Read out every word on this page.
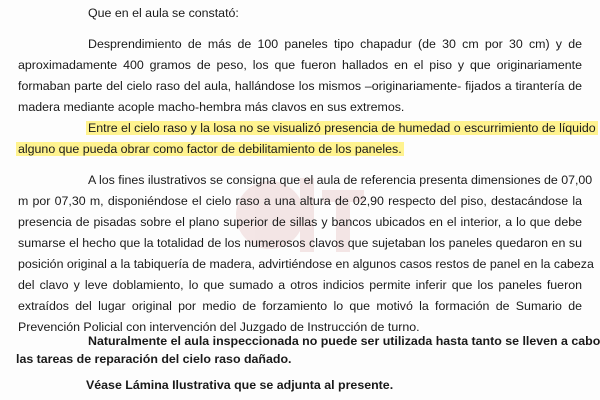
Que en el aula se constató:
Desprendimiento de más de 100 paneles tipo chapadur (de 30 cm por 30 cm) y de
aproximadamente 400 gramos de peso, los que fueron hallados en el piso y que originariamente
formaban parte del cielo raso del aula, hallándose los mismos –originariamente- fijados a tirantería de
madera mediante acople macho-hembra más clavos en sus extremos.
Entre el cielo raso y la losa no se visualizó presencia de humedad o escurrimiento de líquido
alguno que pueda obrar como factor de debilitamiento de los paneles.
A los fines ilustrativos se consigna que el aula de referencia presenta dimensiones de 07,00
m por 07,30 m, disponiéndose el cielo raso a una altura de 02,90 respecto del piso, destacándose la
presencia de pisadas sobre el plano superior de sillas y bancos ubicados en el interior, a lo que debe
sumarse el hecho que la totalidad de los numerosos clavos que sujetaban los paneles quedaron en su
posición original a la tabiquería de madera, advirtiéndose en algunos casos restos de panel en la cabeza
del clavo y leve doblamiento, lo que sumado a otros indicios permite inferir que los paneles fueron
extraídos del lugar original por medio de forzamiento lo que motivó la formación de Sumario de
Prevención Policial con intervención del Juzgado de Instrucción de turno.
Naturalmente el aula inspeccionada no puede ser utilizada hasta tanto se lleven a cabo
las tareas de reparación del cielo raso dañado.
Véase Lámina Ilustrativa que se adjunta al presente.
